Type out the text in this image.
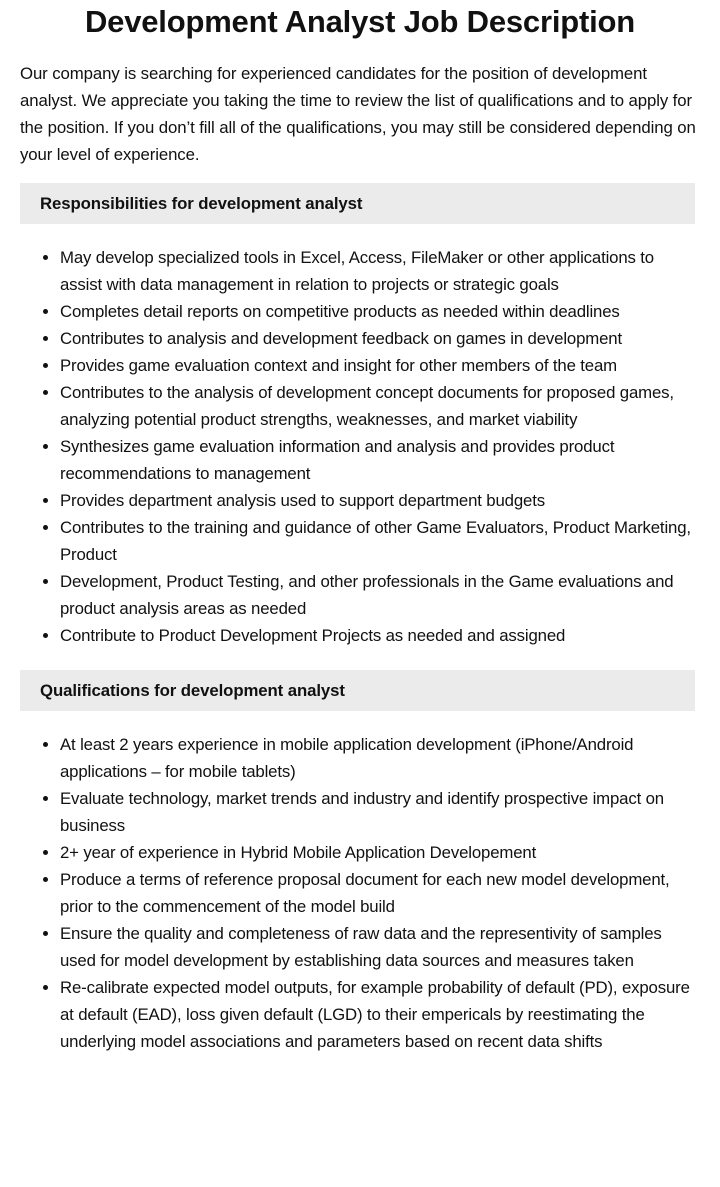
Development Analyst Job Description

Our company is searching for experienced candidates for the position of development analyst. We appreciate you taking the time to review the list of qualifications and to apply for the position. If you don’t fill all of the qualifications, you may still be considered depending on your level of experience.

Responsibilities for development analyst
• May develop specialized tools in Excel, Access, FileMaker or other applications to assist with data management in relation to projects or strategic goals
• Completes detail reports on competitive products as needed within deadlines
• Contributes to analysis and development feedback on games in development
• Provides game evaluation context and insight for other members of the team
• Contributes to the analysis of development concept documents for proposed games, analyzing potential product strengths, weaknesses, and market viability
• Synthesizes game evaluation information and analysis and provides product recommendations to management
• Provides department analysis used to support department budgets
• Contributes to the training and guidance of other Game Evaluators, Product Marketing, Product
• Development, Product Testing, and other professionals in the Game evaluations and product analysis areas as needed
• Contribute to Product Development Projects as needed and assigned
Qualifications for development analyst
• At least 2 years experience in mobile application development (iPhone/Android applications – for mobile tablets)
• Evaluate technology, market trends and industry and identify prospective impact on business
• 2+ year of experience in Hybrid Mobile Application Developement
• Produce a terms of reference proposal document for each new model development, prior to the commencement of the model build
• Ensure the quality and completeness of raw data and the representivity of samples used for model development by establishing data sources and measures taken
• Re-calibrate expected model outputs, for example probability of default (PD), exposure at default (EAD), loss given default (LGD) to their empericals by reestimating the underlying model associations and parameters based on recent data shifts
